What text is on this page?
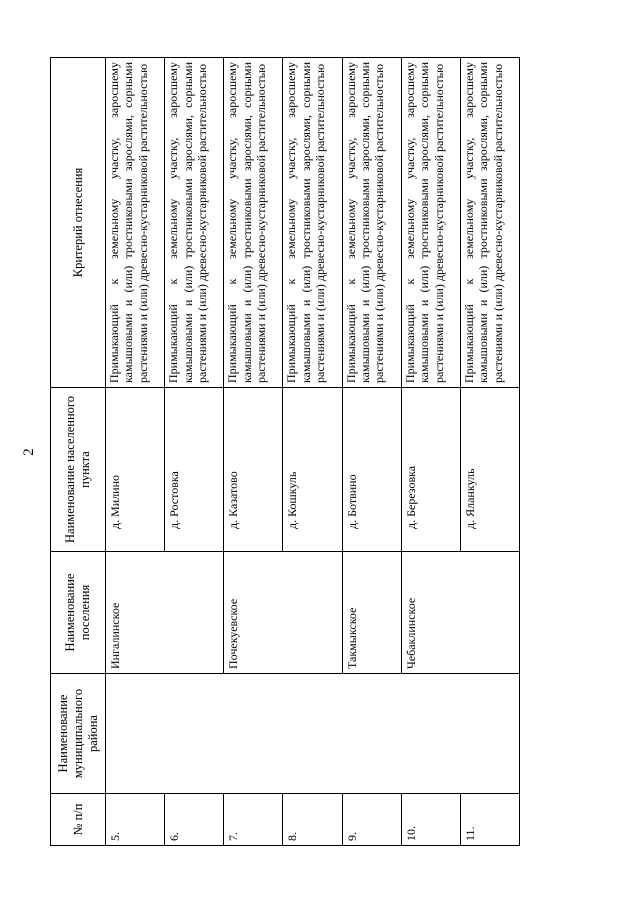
2
№ п/п	Наименование муниципального района	Наименование поселения	Наименование населенного пункта	Критерий отнесения
5.		Ингалинское	д. Милино	Примыкающий к земельному участку, заросшему камышовыми и (или) тростниковыми зарослями, сорными растениями и (или) древесно-кустарниковой растительностью
6.			д. Ростовка	Примыкающий к земельному участку, заросшему камышовыми и (или) тростниковыми зарослями, сорными растениями и (или) древесно-кустарниковой растительностью
7.		Почекуевское	д. Казатово	Примыкающий к земельному участку, заросшему камышовыми и (или) тростниковыми зарослями, сорными растениями и (или) древесно-кустарниковой растительностью
8.			д. Кошкуль	Примыкающий к земельному участку, заросшему камышовыми и (или) тростниковыми зарослями, сорными растениями и (или) древесно-кустарниковой растительностью
9.		Такмыкское	д. Ботвино	Примыкающий к земельному участку, заросшему камышовыми и (или) тростниковыми зарослями, сорными растениями и (или) древесно-кустарниковой растительностью
10.		Чебаклинское	д. Березовка	Примыкающий к земельному участку, заросшему камышовыми и (или) тростниковыми зарослями, сорными растениями и (или) древесно-кустарниковой растительностью
11.			д. Яланкуль	Примыкающий к земельному участку, заросшему камышовыми и (или) тростниковыми зарослями, сорными растениями и (или) древесно-кустарниковой растительностью
